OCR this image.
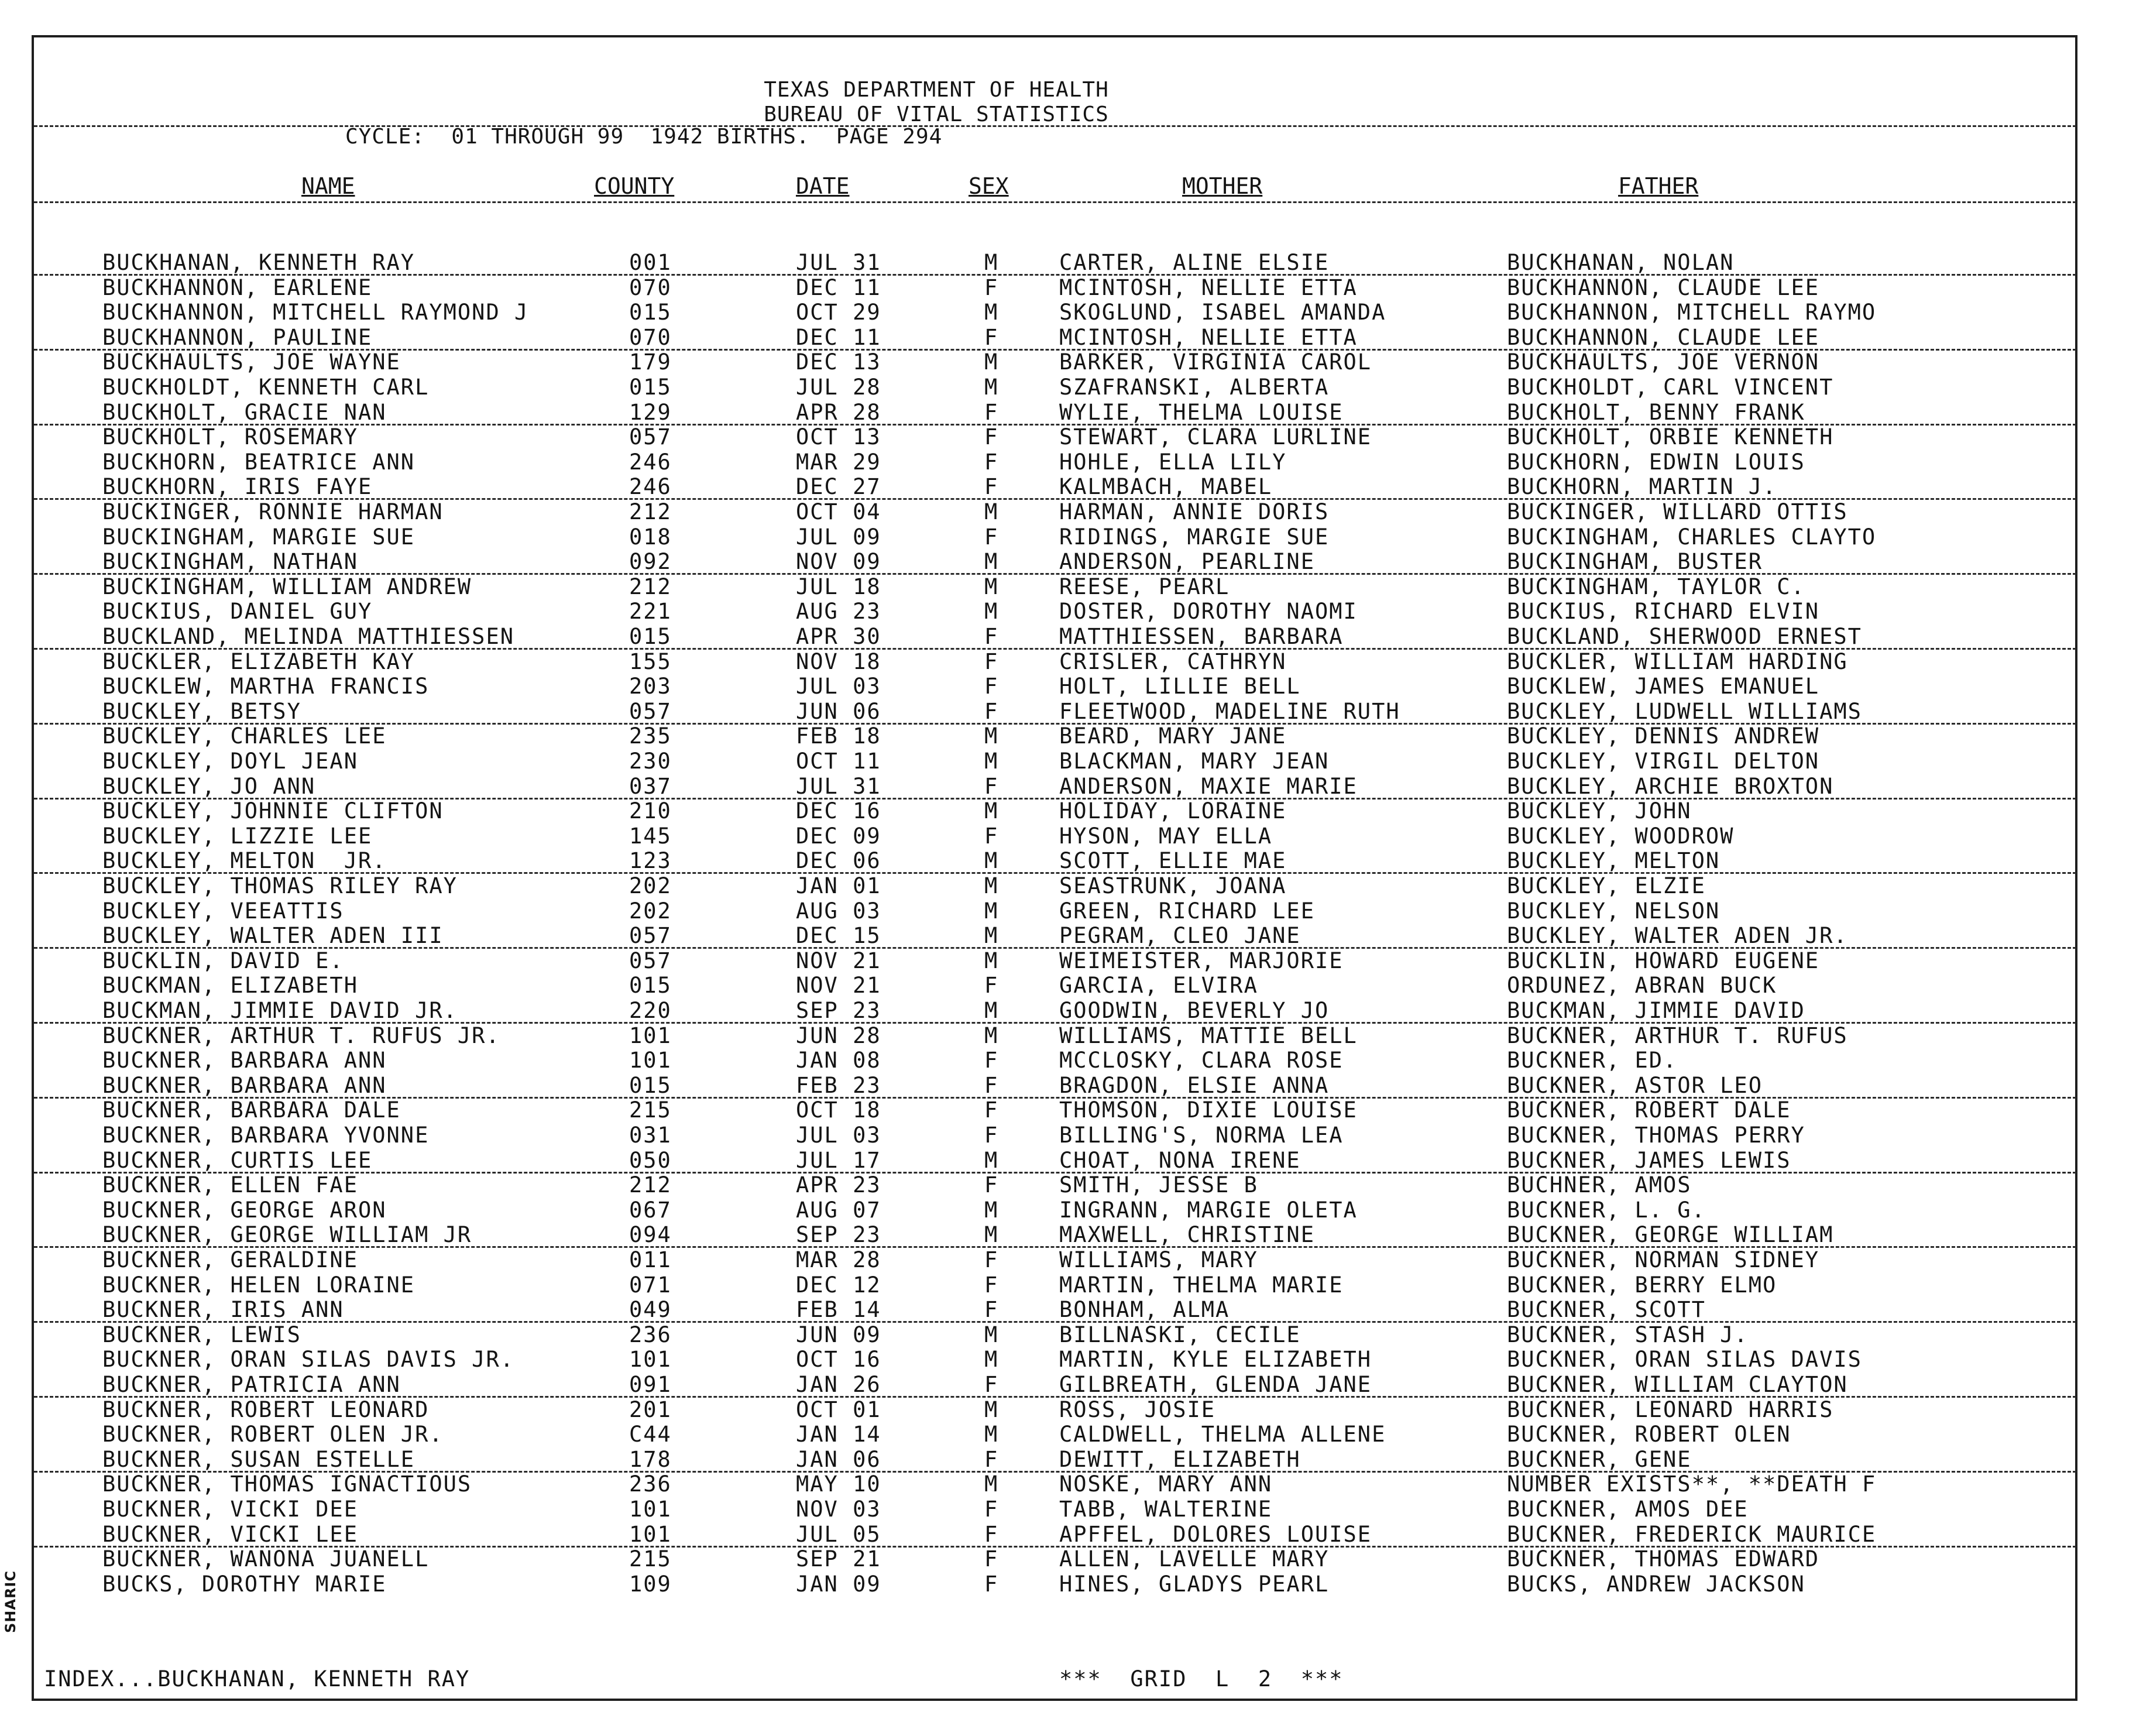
TEXAS DEPARTMENT OF HEALTH
BUREAU OF VITAL STATISTICS
CYCLE:  01 THROUGH 99  1942 BIRTHS.  PAGE 294
NAME	COUNTY	DATE	SEX	MOTHER	FATHER
BUCKHANAN, KENNETH RAY	001	JUL 31	M	CARTER, ALINE ELSIE	BUCKHANAN, NOLAN
BUCKHANNON, EARLENE	070	DEC 11	F	MCINTOSH, NELLIE ETTA	BUCKHANNON, CLAUDE LEE
BUCKHANNON, MITCHELL RAYMOND J	015	OCT 29	M	SKOGLUND, ISABEL AMANDA	BUCKHANNON, MITCHELL RAYMO
BUCKHANNON, PAULINE	070	DEC 11	F	MCINTOSH, NELLIE ETTA	BUCKHANNON, CLAUDE LEE
BUCKHAULTS, JOE WAYNE	179	DEC 13	M	BARKER, VIRGINIA CAROL	BUCKHAULTS, JOE VERNON
BUCKHOLDT, KENNETH CARL	015	JUL 28	M	SZAFRANSKI, ALBERTA	BUCKHOLDT, CARL VINCENT
BUCKHOLT, GRACIE NAN	129	APR 28	F	WYLIE, THELMA LOUISE	BUCKHOLT, BENNY FRANK
BUCKHOLT, ROSEMARY	057	OCT 13	F	STEWART, CLARA LURLINE	BUCKHOLT, ORBIE KENNETH
BUCKHORN, BEATRICE ANN	246	MAR 29	F	HOHLE, ELLA LILY	BUCKHORN, EDWIN LOUIS
BUCKHORN, IRIS FAYE	246	DEC 27	F	KALMBACH, MABEL	BUCKHORN, MARTIN J.
BUCKINGER, RONNIE HARMAN	212	OCT 04	M	HARMAN, ANNIE DORIS	BUCKINGER, WILLARD OTTIS
BUCKINGHAM, MARGIE SUE	018	JUL 09	F	RIDINGS, MARGIE SUE	BUCKINGHAM, CHARLES CLAYTO
BUCKINGHAM, NATHAN	092	NOV 09	M	ANDERSON, PEARLINE	BUCKINGHAM, BUSTER
BUCKINGHAM, WILLIAM ANDREW	212	JUL 18	M	REESE, PEARL	BUCKINGHAM, TAYLOR C.
BUCKIUS, DANIEL GUY	221	AUG 23	M	DOSTER, DOROTHY NAOMI	BUCKIUS, RICHARD ELVIN
BUCKLAND, MELINDA MATTHIESSEN	015	APR 30	F	MATTHIESSEN, BARBARA	BUCKLAND, SHERWOOD ERNEST
BUCKLER, ELIZABETH KAY	155	NOV 18	F	CRISLER, CATHRYN	BUCKLER, WILLIAM HARDING
BUCKLEW, MARTHA FRANCIS	203	JUL 03	F	HOLT, LILLIE BELL	BUCKLEW, JAMES EMANUEL
BUCKLEY, BETSY	057	JUN 06	F	FLEETWOOD, MADELINE RUTH	BUCKLEY, LUDWELL WILLIAMS
BUCKLEY, CHARLES LEE	235	FEB 18	M	BEARD, MARY JANE	BUCKLEY, DENNIS ANDREW
BUCKLEY, DOYL JEAN	230	OCT 11	M	BLACKMAN, MARY JEAN	BUCKLEY, VIRGIL DELTON
BUCKLEY, JO ANN	037	JUL 31	F	ANDERSON, MAXIE MARIE	BUCKLEY, ARCHIE BROXTON
BUCKLEY, JOHNNIE CLIFTON	210	DEC 16	M	HOLIDAY, LORAINE	BUCKLEY, JOHN
BUCKLEY, LIZZIE LEE	145	DEC 09	F	HYSON, MAY ELLA	BUCKLEY, WOODROW
BUCKLEY, MELTON  JR.	123	DEC 06	M	SCOTT, ELLIE MAE	BUCKLEY, MELTON
BUCKLEY, THOMAS RILEY RAY	202	JAN 01	M	SEASTRUNK, JOANA	BUCKLEY, ELZIE
BUCKLEY, VEEATTIS	202	AUG 03	M	GREEN, RICHARD LEE	BUCKLEY, NELSON
BUCKLEY, WALTER ADEN III	057	DEC 15	M	PEGRAM, CLEO JANE	BUCKLEY, WALTER ADEN JR.
BUCKLIN, DAVID E.	057	NOV 21	M	WEIMEISTER, MARJORIE	BUCKLIN, HOWARD EUGENE
BUCKMAN, ELIZABETH	015	NOV 21	F	GARCIA, ELVIRA	ORDUNEZ, ABRAN BUCK
BUCKMAN, JIMMIE DAVID JR.	220	SEP 23	M	GOODWIN, BEVERLY JO	BUCKMAN, JIMMIE DAVID
BUCKNER, ARTHUR T. RUFUS JR.	101	JUN 28	M	WILLIAMS, MATTIE BELL	BUCKNER, ARTHUR T. RUFUS
BUCKNER, BARBARA ANN	101	JAN 08	F	MCCLOSKY, CLARA ROSE	BUCKNER, ED.
BUCKNER, BARBARA ANN	015	FEB 23	F	BRAGDON, ELSIE ANNA	BUCKNER, ASTOR LEO
BUCKNER, BARBARA DALE	215	OCT 18	F	THOMSON, DIXIE LOUISE	BUCKNER, ROBERT DALE
BUCKNER, BARBARA YVONNE	031	JUL 03	F	BILLING'S, NORMA LEA	BUCKNER, THOMAS PERRY
BUCKNER, CURTIS LEE	050	JUL 17	M	CHOAT, NONA IRENE	BUCKNER, JAMES LEWIS
BUCKNER, ELLEN FAE	212	APR 23	F	SMITH, JESSE B	BUCHNER, AMOS
BUCKNER, GEORGE ARON	067	AUG 07	M	INGRANN, MARGIE OLETA	BUCKNER, L. G.
BUCKNER, GEORGE WILLIAM JR	094	SEP 23	M	MAXWELL, CHRISTINE	BUCKNER, GEORGE WILLIAM
BUCKNER, GERALDINE	011	MAR 28	F	WILLIAMS, MARY	BUCKNER, NORMAN SIDNEY
BUCKNER, HELEN LORAINE	071	DEC 12	F	MARTIN, THELMA MARIE	BUCKNER, BERRY ELMO
BUCKNER, IRIS ANN	049	FEB 14	F	BONHAM, ALMA	BUCKNER, SCOTT
BUCKNER, LEWIS	236	JUN 09	M	BILLNASKI, CECILE	BUCKNER, STASH J.
BUCKNER, ORAN SILAS DAVIS JR.	101	OCT 16	M	MARTIN, KYLE ELIZABETH	BUCKNER, ORAN SILAS DAVIS
BUCKNER, PATRICIA ANN	091	JAN 26	F	GILBREATH, GLENDA JANE	BUCKNER, WILLIAM CLAYTON
BUCKNER, ROBERT LEONARD	201	OCT 01	M	ROSS, JOSIE	BUCKNER, LEONARD HARRIS
BUCKNER, ROBERT OLEN JR.	C44	JAN 14	M	CALDWELL, THELMA ALLENE	BUCKNER, ROBERT OLEN
BUCKNER, SUSAN ESTELLE	178	JAN 06	F	DEWITT, ELIZABETH	BUCKNER, GENE
BUCKNER, THOMAS IGNACTIOUS	236	MAY 10	M	NOSKE, MARY ANN	NUMBER EXISTS**, **DEATH F
BUCKNER, VICKI DEE	101	NOV 03	F	TABB, WALTERINE	BUCKNER, AMOS DEE
BUCKNER, VICKI LEE	101	JUL 05	F	APFFEL, DOLORES LOUISE	BUCKNER, FREDERICK MAURICE
BUCKNER, WANONA JUANELL	215	SEP 21	F	ALLEN, LAVELLE MARY	BUCKNER, THOMAS EDWARD
BUCKS, DOROTHY MARIE	109	JAN 09	F	HINES, GLADYS PEARL	BUCKS, ANDREW JACKSON
INDEX...BUCKHANAN, KENNETH RAY	***  GRID  L  2  ***
SHARIC
